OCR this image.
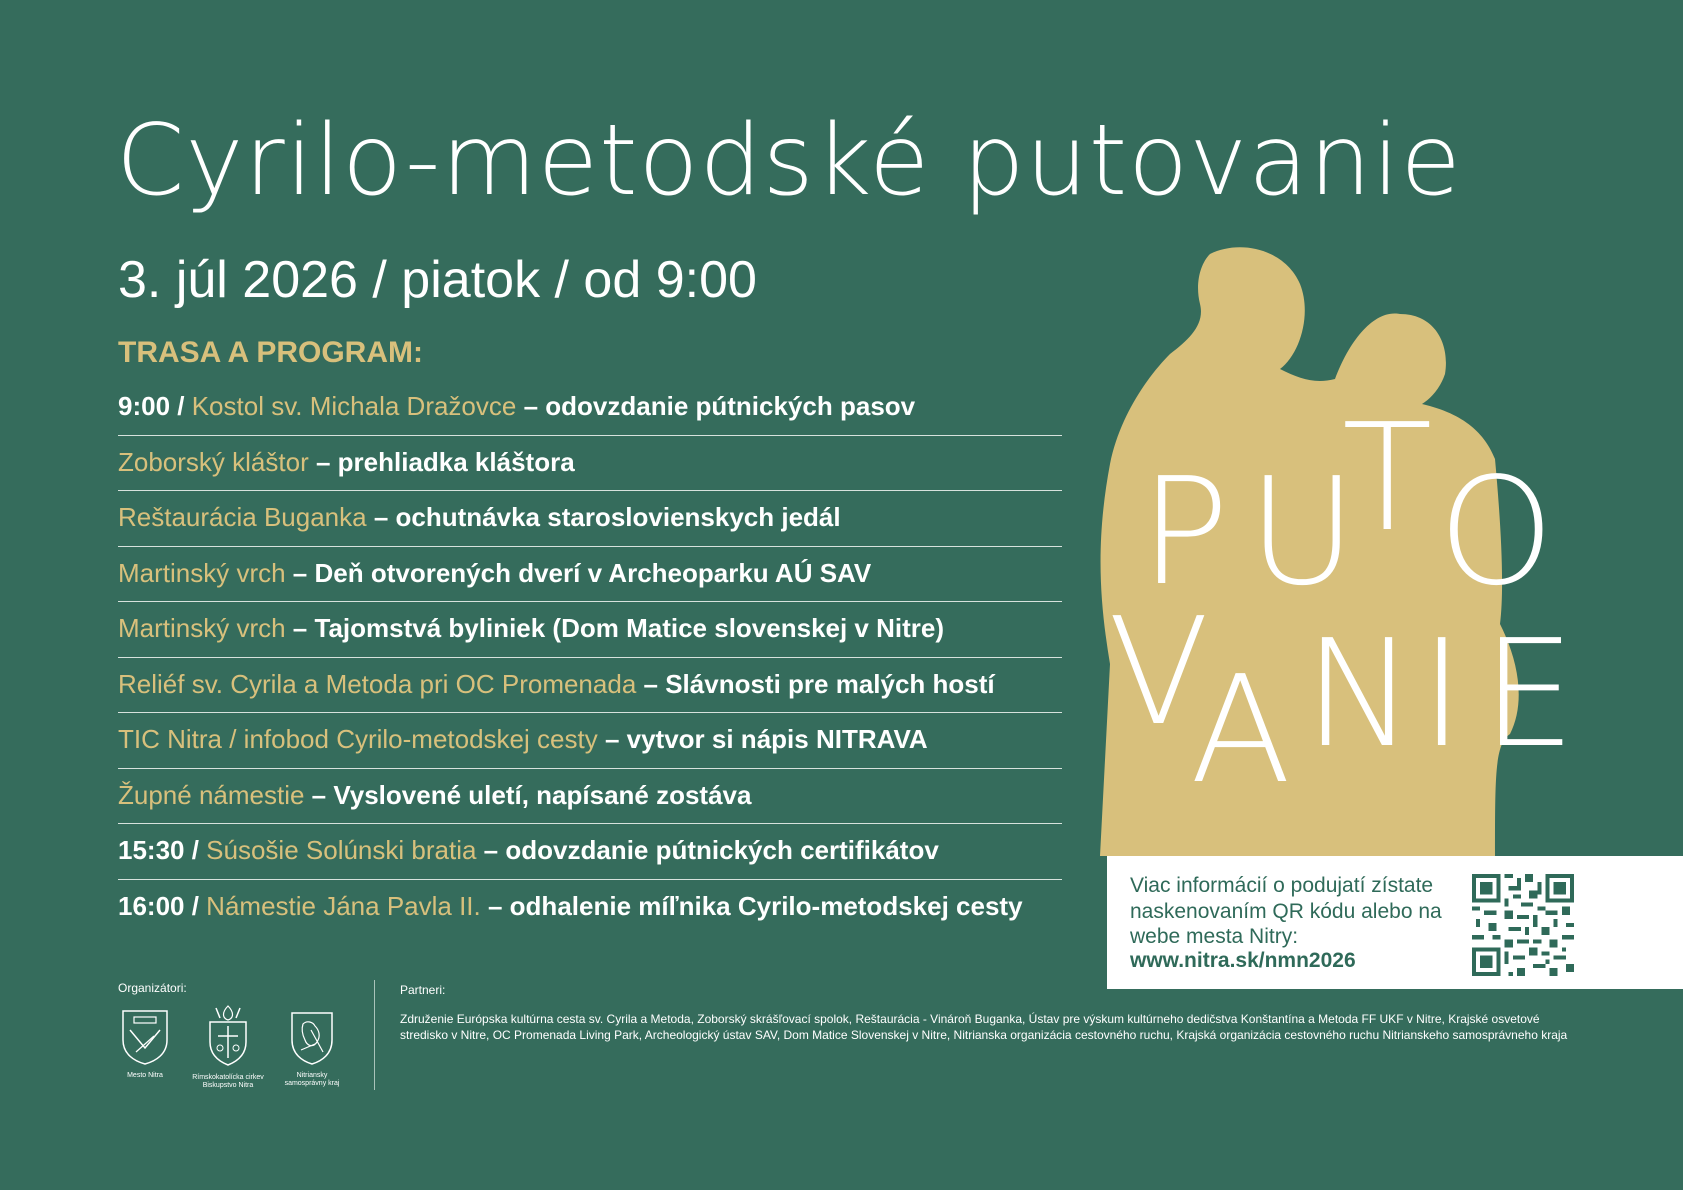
Cyrilo-metodské putovanie
3. júl 2026 / piatok / od 9:00
TRASA A PROGRAM:
9:00 / Kostol sv. Michala Dražovce – odovzdanie pútnických pasov
Zoborský kláštor – prehliadka kláštora
Reštaurácia Buganka – ochutnávka staroslovienskych jedál
Martinský vrch – Deň otvorených dverí v Archeoparku AÚ SAV
Martinský vrch – Tajomstvá byliniek (Dom Matice slovenskej v Nitre)
Reliéf sv. Cyrila a Metoda pri OC Promenada – Slávnosti pre malých hostí
TIC Nitra / infobod Cyrilo-metodskej cesty – vytvor si nápis NITRAVA
Župné námestie – Vyslovené uletí, napísané zostáva
15:30 / Súsošie Solúnski bratia – odovzdanie pútnických certifikátov
16:00 / Námestie Jána Pavla II. – odhalenie míľnika Cyrilo-metodskej cesty
P U
T O
V
A N I E
Viac informácií o podujatí zístate naskenovaním QR kódu alebo na webe mesta Nitry:
www.nitra.sk/nmn2026
Organizátori:
Mesto Nitra	Rímskokatolícka cirkev Biskupstvo Nitra
Nitriansky samosprávny kraj
Partneri:
Združenie Európska kultúrna cesta sv. Cyrila a Metoda, Zoborský skrášľovací spolok, Reštaurácia - Vinároň Buganka, Ústav pre výskum kultúrneho dedičstva Konštantína a Metoda FF UKF v Nitre, Krajské osvetové stredisko v Nitre, OC Promenada Living Park, Archeologický ústav SAV, Dom Matice Slovenskej v Nitre, Nitrianska organizácia cestovného ruchu, Krajská organizácia cestovného ruchu Nitrianskeho samosprávneho kraja
